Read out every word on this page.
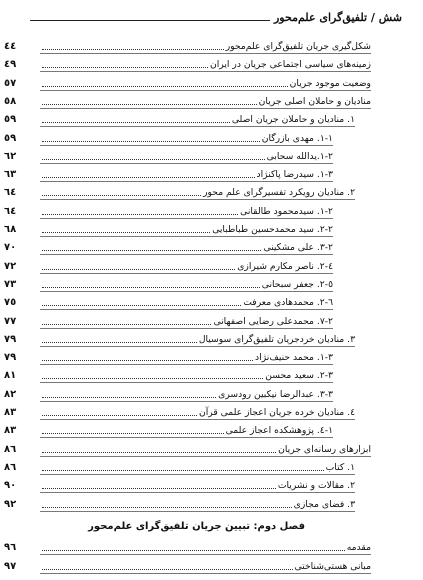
شش / تلفیق‌گرای علم‌محور
شکل‌گیری جریان تلفیق‌گرای علم‌محور
٤٤
زمینه‌های سیاسی اجتماعی جریان در ایران
٤٩
وضعیت موجود جریان
٥٧
منادیان و حاملان اصلی جریان
٥٨
۱. منادیان و حاملان جریان اصلی
٥٩
۱-۱. مهدی بازرگان
٥٩
۱-۲.یدالله سحابی
٦٢
۱-۳. سیدرضا پاکنژاد
٦٣
۲. منادیان رویکرد تفسیرگرای علم محور
٦٤
۱-۲. سیدمحمود طالقانی
٦٤
۲-۲. سید محمدحسین طباطبایی
٦٨
۳-۲. علی مشکینی
٧٠
٤-۲. ناصر مکارم شیرازی
٧٢
٥-۲. جعفر سبحانی
٧٣
٦-۲. محمدهادی معرفت
٧٥
۷-۲. محمدعلی رضایی اصفهانی
٧٧
۳. منادیان خردجریان تلفیق‌گرای سوسیال
٧٩
۱-۳. محمد حنیف‌نژاد
٧٩
۲-۳. سعید محسن
٨١
۳-۳. عبدالرضا نیکبین رودسری
٨٢
٤. منادیان خرده جریان اعجاز علمی قرآن
٨٣
۱-٤. پژوهشکده اعجاز علمی
٨٣
ابزارهای رسانه‌ای جریان
٨٦
۱. کتاب
٨٦
۲. مقالات و نشریات
٩٠
۳. فضای مجازی
٩٢
فصل دوم: تبیین جریان تلفیق‌گرای علم‌محور
مقدمه
٩٦
مبانی هستی‌شناختی
٩٧
